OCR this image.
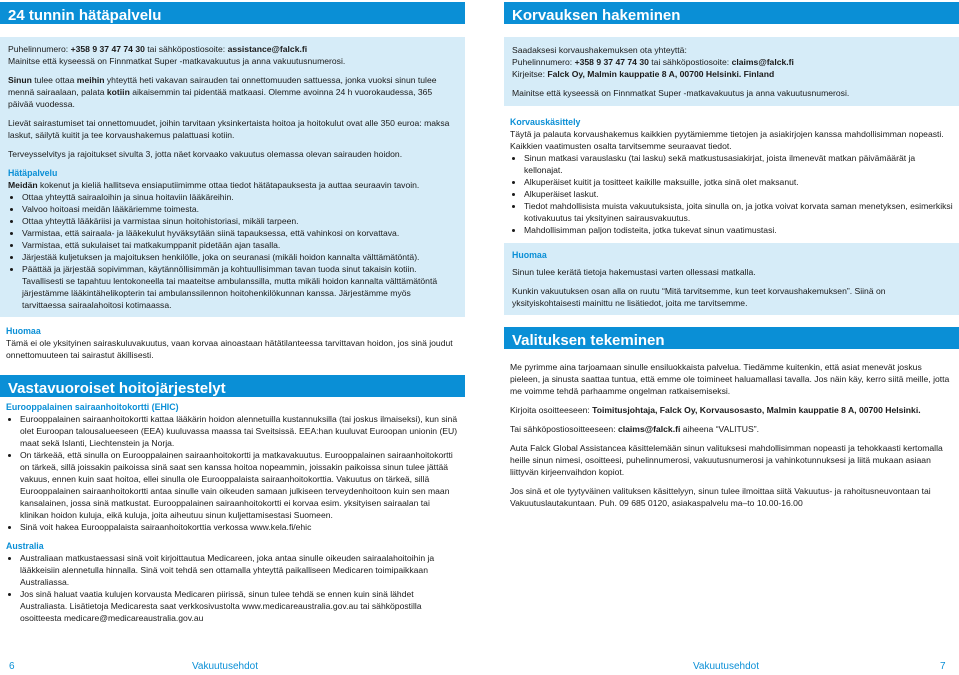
24 tunnin hätäpalvelu

Puhelinnumero: +358 9 37 47 74 30 tai sähköpostiosoite: assistance@falck.fi
Mainitse että kyseessä on Finnmatkat Super -matkavakuutus ja anna vakuutusnumerosi.

Sinun tulee ottaa meihin yhteyttä heti vakavan sairauden tai onnettomuuden sattuessa, jonka vuoksi sinun tulee mennä sairaalaan, palata kotiin aikaisemmin tai pidentää matkaasi. Olemme avoinna 24 h vuorokaudessa, 365 päivää vuodessa.

Lievät sairastumiset tai onnettomuudet, joihin tarvitaan yksinkertaista hoitoa ja hoitokulut ovat alle 350 euroa: maksa laskut, säilytä kuitit ja tee korvaushakemus palattuasi kotiin.

Terveysselvitys ja rajoitukset sivulta 3, jotta näet korvaako vakuutus olemassa olevan sairauden hoidon.

Hätäpalvelu
Meidän kokenut ja kieliä hallitseva ensiaputiimimme ottaa tiedot hätätapauksesta ja auttaa seuraavin tavoin.
• Ottaa yhteyttä sairaaloihin ja sinua hoitaviin lääkäreihin.
• Valvoo hoitoasi meidän lääkäriemme toimesta.
• Ottaa yhteyttä lääkäriisi ja varmistaa sinun hoitohistoriasi, mikäli tarpeen.
• Varmistaa, että sairaala- ja lääkekulut hyväksytään siinä tapauksessa, että vahinkosi on korvattava.
• Varmistaa, että sukulaiset tai matkakumppanit pidetään ajan tasalla.
• Järjestää kuljetuksen ja majoituksen henkilölle, joka on seuranasi (mikäli hoidon kannalta välttämätöntä).
• Päättää ja järjestää sopivimman, käytännöllisimmän ja kohtuullisimman tavan tuoda sinut takaisin kotiin. Tavallisesti se tapahtuu lentokoneella tai maateitse ambulanssilla, mutta mikäli hoidon kannalta välttämätöntä järjestämme lääkintähelikopterin tai ambulanssilennon hoitohenkilökunnan kanssa. Järjestämme myös tarvittaessa sairaalahoitosi kotimaassa.
Huomaa

Tämä ei ole yksityinen sairaskuluvakuutus, vaan korvaa ainoastaan hätätilanteessa tarvittavan hoidon, jos sinä joudut onnettomuuteen tai sairastut äkillisesti.

Vastavuoroiset hoitojärjestelyt
Eurooppalainen sairaanhoitokortti (EHIC)
• Eurooppalainen sairaanhoitokortti kattaa lääkärin hoidon alennetuilla kustannuksilla (tai joskus ilmaiseksi), kun sinä olet Euroopan talousalueeseen (EEA) kuuluvassa maassa tai Sveitsissä. EEA:han kuuluvat Euroopan unionin (EU) maat sekä Islanti, Liechtenstein ja Norja.
• On tärkeää, että sinulla on Eurooppalainen sairaanhoitokortti ja matkavakuutus. Eurooppalainen sairaanhoitokortti on tärkeä, sillä joissakin paikoissa sinä saat sen kanssa hoitoa nopeammin, joissakin paikoissa sinun tulee jättää vakuus, ennen kuin saat hoitoa, ellei sinulla ole Eurooppalaista sairaanhoitokorttia. Vakuutus on tärkeä, sillä Eurooppalainen sairaanhoitokortti antaa sinulle vain oikeuden samaan julkiseen terveydenhoitoon kuin sen maan kansalainen, jossa sinä matkustat. Eurooppalainen sairaanhoitokortti ei korvaa esim. yksityisen sairaalan tai klinikan hoidon kuluja, eikä kuluja, joita aiheutuu sinun kuljettamisestasi Suomeen.
• Sinä voit hakea Eurooppalaista sairaanhoitokorttia verkossa www.kela.fi/ehic
Australia
• Australiaan matkustaessasi sinä voit kirjoittautua Medicareen, joka antaa sinulle oikeuden sairaalahoitoihin ja lääkkeisiin alennetulla hinnalla. Sinä voit tehdä sen ottamalla yhteyttä paikalliseen Medicaren toimipaikkaan Australiassa.
• Jos sinä haluat vaatia kulujen korvausta Medicaren piirissä, sinun tulee tehdä se ennen kuin sinä lähdet Australiasta. Lisätietoja Medicaresta saat verkkosivustolta www.medicareaustralia.gov.au tai sähköpostilla osoitteesta medicare@medicareaustralia.gov.au
Korvauksen hakeminen

Saadaksesi korvaushakemuksen ota yhteyttä:
Puhelinnumero: +358 9 37 47 74 30 tai sähköpostiosoite: claims@falck.fi
Kirjeitse: Falck Oy, Malmin kauppatie 8 A, 00700 Helsinki. Finland

Mainitse että kyseessä on Finnmatkat Super -matkavakuutus ja anna vakuutusnumerosi.

Korvauskäsittely

Täytä ja palauta korvaushakemus kaikkien pyytämiemme tietojen ja asiakirjojen kanssa mahdollisimman nopeasti.

Kaikkien vaatimusten osalta tarvitsemme seuraavat tiedot.

• Sinun matkasi varauslasku (tai lasku) sekä matkustusasiakirjat, joista ilmenevät matkan päivämäärät ja kellonajat.
• Alkuperäiset kuitit ja tositteet kaikille maksuille, jotka sinä olet maksanut.
• Alkuperäiset laskut.
• Tiedot mahdollisista muista vakuutuksista, joita sinulla on, ja jotka voivat korvata saman menetyksen, esimerkiksi kotivakuutus tai yksityinen sairausvakuutus.
• Mahdollisimman paljon todisteita, jotka tukevat sinun vaatimustasi.
Huomaa

Sinun tulee kerätä tietoja hakemustasi varten ollessasi matkalla.

Kunkin vakuutuksen osan alla on ruutu “Mitä tarvitsemme, kun teet korvaushakemuksen”. Siinä on yksityiskohtaisesti mainittu ne lisätiedot, joita me tarvitsemme.

Valituksen tekeminen

Me pyrimme aina tarjoamaan sinulle ensiluokkaista palvelua. Tiedämme kuitenkin, että asiat menevät joskus pieleen, ja sinusta saattaa tuntua, että emme ole toimineet haluamallasi tavalla. Jos näin käy, kerro siitä meille, jotta me voimme tehdä parhaamme ongelman ratkaisemiseksi.

Kirjoita osoitteeseen: Toimitusjohtaja, Falck Oy, Korvausosasto, Malmin kauppatie 8 A, 00700 Helsinki.

Tai sähköpostiosoitteeseen: claims@falck.fi aiheena “VALITUS”.

Auta Falck Global Assistancea käsittelemään sinun valituksesi mahdollisimman nopeasti ja tehokkaasti kertomalla heille sinun nimesi, osoitteesi, puhelinnumerosi, vakuutusnumerosi ja vahinkotunnuksesi ja liitä mukaan asiaan liittyvän kirjeenvaihdon kopiot.

Jos sinä et ole tyytyväinen valituksen käsittelyyn, sinun tulee ilmoittaa siitä Vakuutus- ja rahoitusneuvontaan tai Vakuutuslautakuntaan. Puh. 09 685 0120, asiakaspalvelu ma–to 10.00-16.00

6	Vakuutusehdot	Vakuutusehdot	7
